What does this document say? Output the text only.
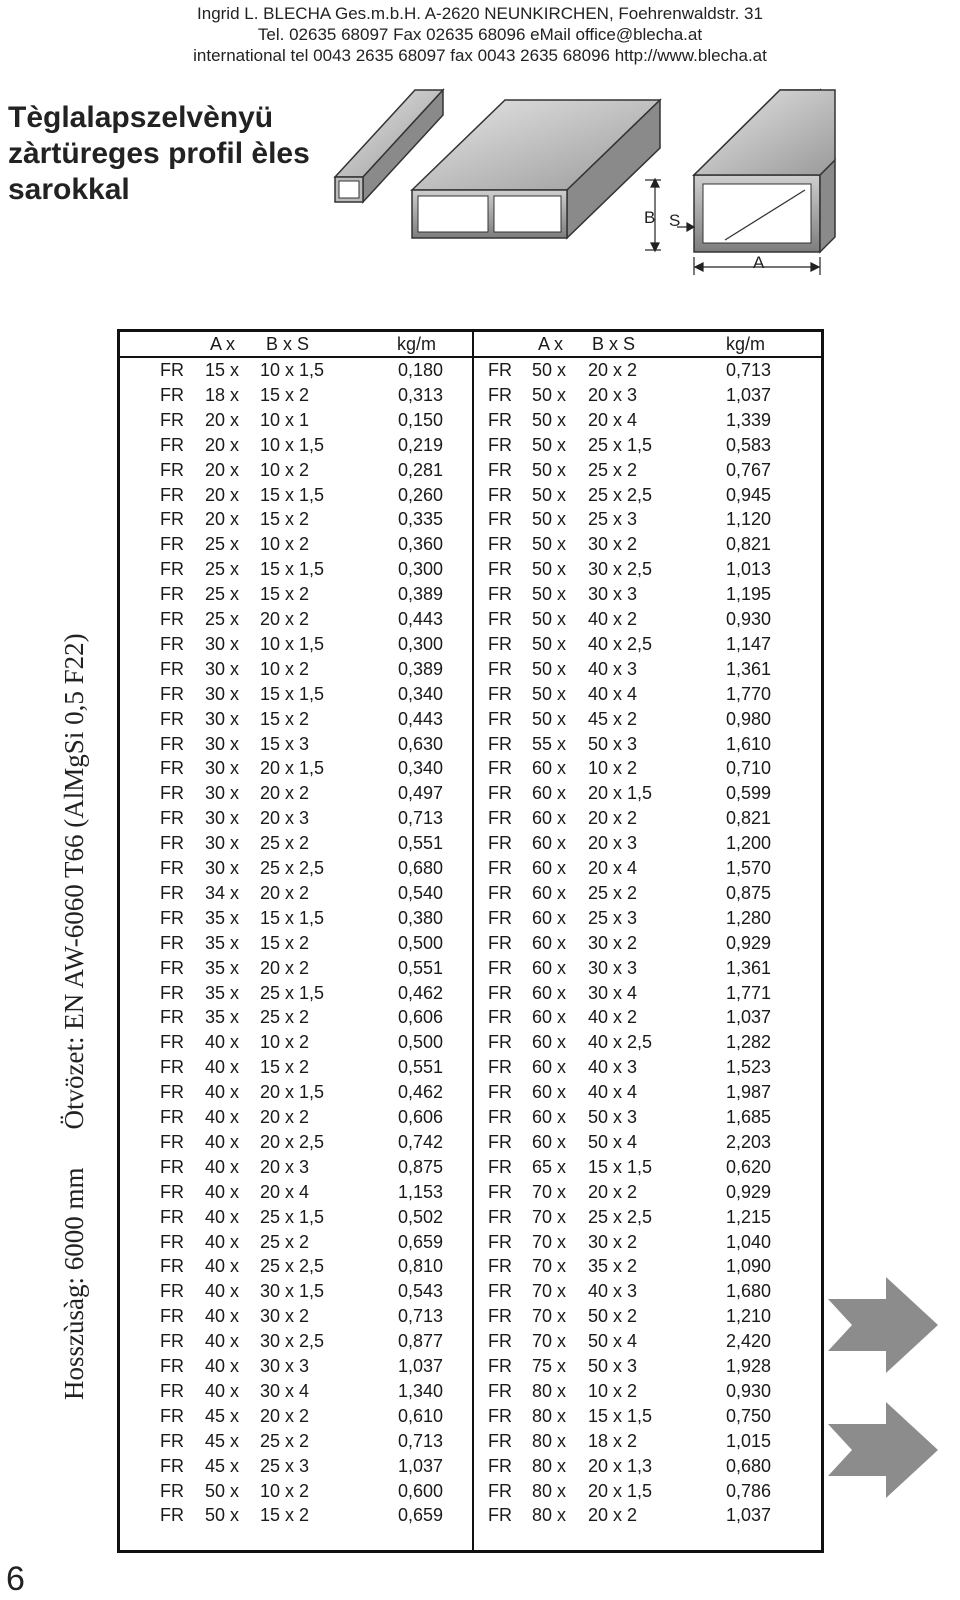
Ingrid L. BLECHA Ges.m.b.H. A-2620 NEUNKIRCHEN, Foehrenwaldstr. 31
Tel. 02635 68097 Fax 02635 68096 eMail office@blecha.at
international tel 0043 2635 68097 fax 0043 2635 68096 http://www.blecha.at
Tèglalapszelvènyü
zàrtüreges profil èles
sarokkal
B S
A
Hosszùsàg: 6000 mmÖtvözet: EN AW-6060 T66 (AlMgSi 0,5 F22)
A x B x S	kg/m
FR 15 x 10 x 1,5	0,180
FR 18 x 15 x 2	0,313
FR 20 x 10 x 1	0,150
FR 20 x 10 x 1,5	0,219
FR 20 x 10 x 2	0,281
FR 20 x 15 x 1,5	0,260
FR 20 x 15 x 2	0,335
FR 25 x 10 x 2	0,360
FR 25 x 15 x 1,5	0,300
FR 25 x 15 x 2	0,389
FR 25 x 20 x 2	0,443
FR 30 x 10 x 1,5	0,300
FR 30 x 10 x 2	0,389
FR 30 x 15 x 1,5	0,340
FR 30 x 15 x 2	0,443
FR 30 x 15 x 3	0,630
FR 30 x 20 x 1,5	0,340
FR 30 x 20 x 2	0,497
FR 30 x 20 x 3	0,713
FR 30 x 25 x 2	0,551
FR 30 x 25 x 2,5	0,680
FR 34 x 20 x 2	0,540
FR 35 x 15 x 1,5	0,380
FR 35 x 15 x 2	0,500
FR 35 x 20 x 2	0,551
FR 35 x 25 x 1,5	0,462
FR 35 x 25 x 2	0,606
FR 40 x 10 x 2	0,500
FR 40 x 15 x 2	0,551
FR 40 x 20 x 1,5	0,462
FR 40 x 20 x 2	0,606
FR 40 x 20 x 2,5	0,742
FR 40 x 20 x 3	0,875
FR 40 x 20 x 4	1,153
FR 40 x 25 x 1,5	0,502
FR 40 x 25 x 2	0,659
FR 40 x 25 x 2,5	0,810
FR 40 x 30 x 1,5	0,543
FR 40 x 30 x 2	0,713
FR 40 x 30 x 2,5	0,877
FR 40 x 30 x 3	1,037
FR 40 x 30 x 4	1,340
FR 45 x 20 x 2	0,610
FR 45 x 25 x 2	0,713
FR 45 x 25 x 3	1,037
FR 50 x 10 x 2	0,600
FR 50 x 15 x 2	0,659
A x B x S	kg/m
FR 50 x 20 x 2	0,713
FR 50 x 20 x 3	1,037
FR 50 x 20 x 4	1,339
FR 50 x 25 x 1,5	0,583
FR 50 x 25 x 2	0,767
FR 50 x 25 x 2,5	0,945
FR 50 x 25 x 3	1,120
FR 50 x 30 x 2	0,821
FR 50 x 30 x 2,5	1,013
FR 50 x 30 x 3	1,195
FR 50 x 40 x 2	0,930
FR 50 x 40 x 2,5	1,147
FR 50 x 40 x 3	1,361
FR 50 x 40 x 4	1,770
FR 50 x 45 x 2	0,980
FR 55 x 50 x 3	1,610
FR 60 x 10 x 2	0,710
FR 60 x 20 x 1,5	0,599
FR 60 x 20 x 2	0,821
FR 60 x 20 x 3	1,200
FR 60 x 20 x 4	1,570
FR 60 x 25 x 2	0,875
FR 60 x 25 x 3	1,280
FR 60 x 30 x 2	0,929
FR 60 x 30 x 3	1,361
FR 60 x 30 x 4	1,771
FR 60 x 40 x 2	1,037
FR 60 x 40 x 2,5	1,282
FR 60 x 40 x 3	1,523
FR 60 x 40 x 4	1,987
FR 60 x 50 x 3	1,685
FR 60 x 50 x 4	2,203
FR 65 x 15 x 1,5	0,620
FR 70 x 20 x 2	0,929
FR 70 x 25 x 2,5	1,215
FR 70 x 30 x 2	1,040
FR 70 x 35 x 2	1,090
FR 70 x 40 x 3	1,680
FR 70 x 50 x 2	1,210
FR 70 x 50 x 4	2,420
FR 75 x 50 x 3	1,928
FR 80 x 10 x 2	0,930
FR 80 x 15 x 1,5	0,750
FR 80 x 18 x 2	1,015
FR 80 x 20 x 1,3	0,680
FR 80 x 20 x 1,5	0,786
FR 80 x 20 x 2	1,037
6
